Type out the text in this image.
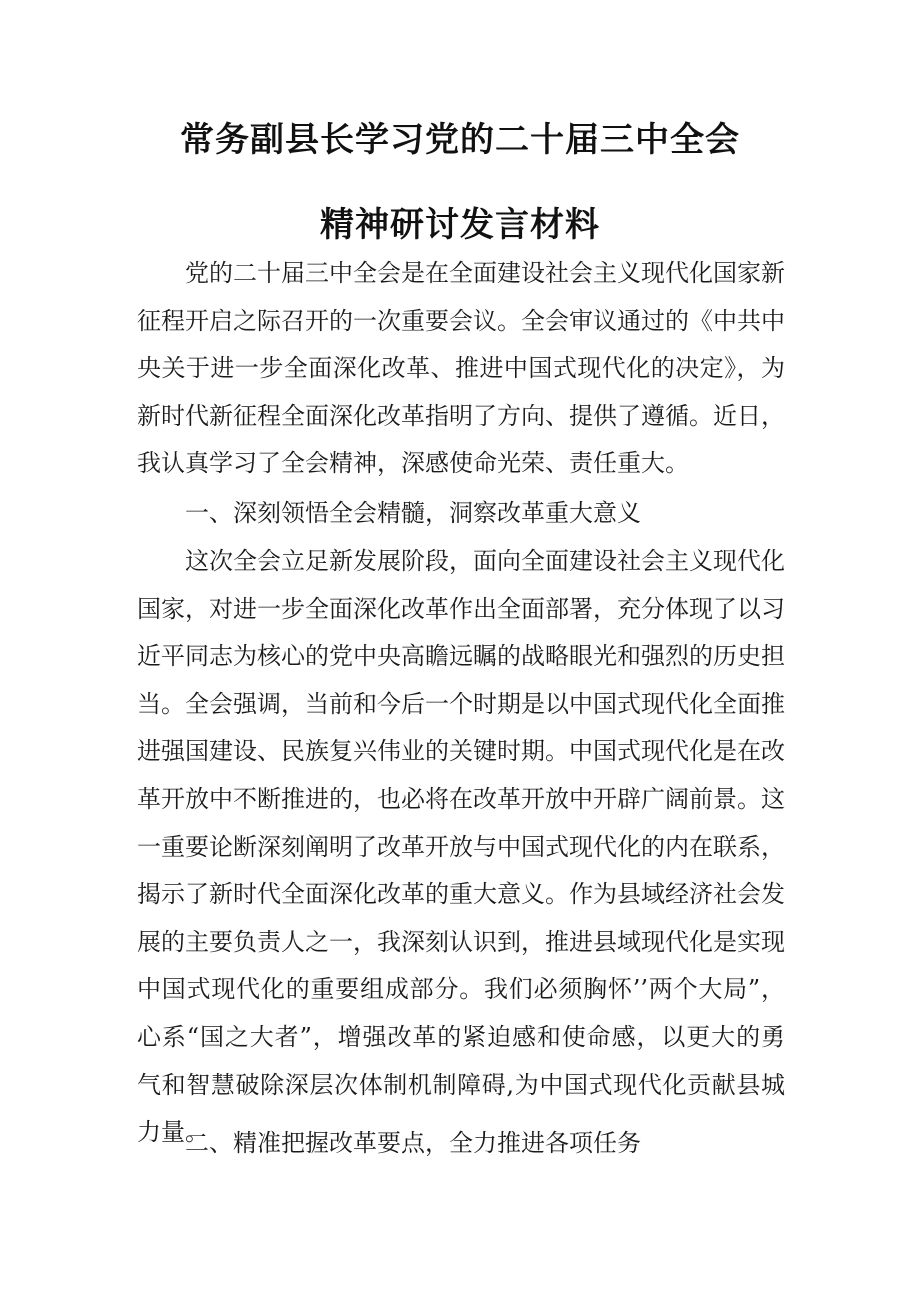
常务副县长学习党的二十届三中全会
精神研讨发言材料

党的二十届三中全会是在全面建设社会主义现代化国家新征程开启之际召开的一次重要会议。全会审议通过的《中共中央关于进一步全面深化改革、推进中国式现代化的决定》，为新时代新征程全面深化改革指明了方向、提供了遵循。近日，我认真学习了全会精神，深感使命光荣、责任重大。

一、深刻领悟全会精髓，洞察改革重大意义

这次全会立足新发展阶段，面向全面建设社会主义现代化国家，对进一步全面深化改革作出全面部署，充分体现了以习近平同志为核心的党中央高瞻远瞩的战略眼光和强烈的历史担当。全会强调，当前和今后一个时期是以中国式现代化全面推进强国建设、民族复兴伟业的关键时期。中国式现代化是在改革开放中不断推进的，也必将在改革开放中开辟广阔前景。这一重要论断深刻阐明了改革开放与中国式现代化的内在联系，揭示了新时代全面深化改革的重大意义。作为县域经济社会发展的主要负责人之一，我深刻认识到，推进县域现代化是实现中国式现代化的重要组成部分。我们必须胸怀’’两个大局”，心系“国之大者”，增强改革的紧迫感和使命感，以更大的勇气和智慧破除深层次体制机制障碍,为中国式现代化贡献县城力量。

二、精准把握改革要点，全力推进各项任务
